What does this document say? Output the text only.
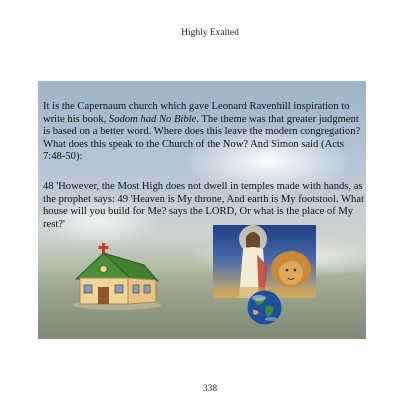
Highly Exalted

It is the Capernaum church which gave Leonard Ravenhill inspiration to write his book, Sodom had No Bible. The theme was that greater judgment is based on a better word. Where does this leave the modern congregation? What does this speak to the Church of the Now? And Simon said (Acts 7:48-50):

48 'However, the Most High does not dwell in temples made with hands, as the prophet says: 49 'Heaven is My throne, And earth is My footstool. What house will you build for Me? says the LORD, Or what is the place of My rest?'

338
